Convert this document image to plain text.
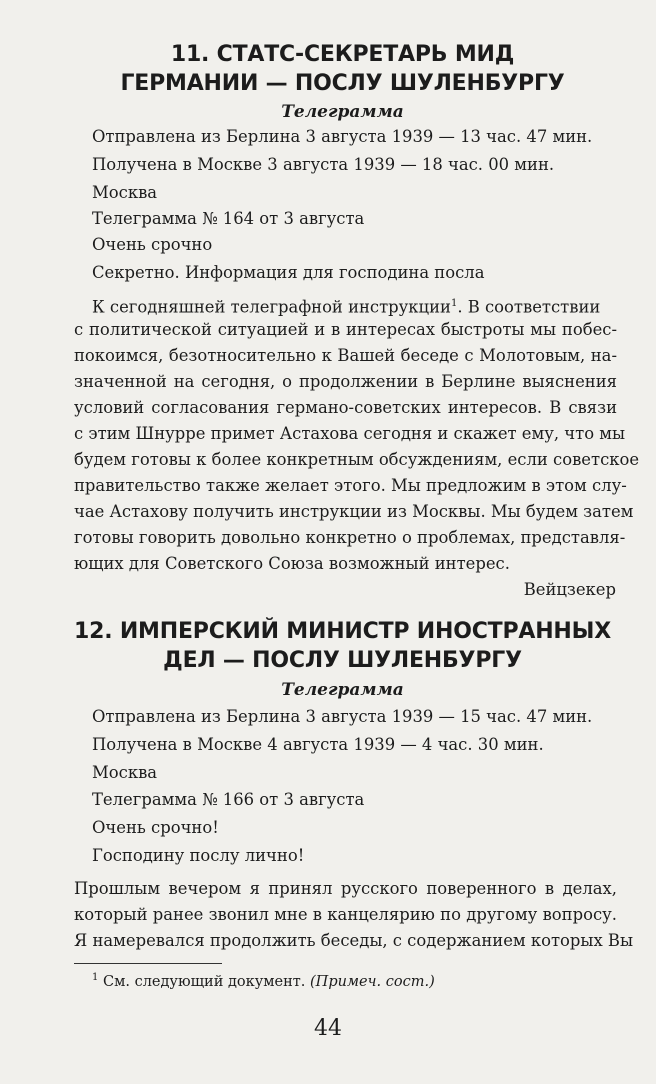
11. СТАТС-СЕКРЕТАРЬ МИД
ГЕРМАНИИ — ПОСЛУ ШУЛЕНБУРГУ

Телеграмма

Отправлена из Берлина 3 августа 1939 — 13 час. 47 мин.

Получена в Москве 3 августа 1939 — 18 час. 00 мин.

Москва

Телеграмма № 164 от 3 августа

Очень срочно

Секретно. Информация для господина посла

К сегодняшней телеграфной инструкции$^1$. В соответствии

с политической ситуацией и в интересах быстроты мы побес-

покоимся, безотносительно к Вашей беседе с Молотовым, на-

значенной на сегодня, о продолжении в Берлине выяснения

условий согласования германо-советских интересов. В связи

с этим Шнурре примет Астахова сегодня и скажет ему, что мы

будем готовы к более конкретным обсуждениям, если советское

правительство также желает этого. Мы предложим в этом слу-

чае Астахову получить инструкции из Москвы. Мы будем затем

готовы говорить довольно конкретно о проблемах, представля-

ющих для Советского Союза возможный интерес.

Вейцзекер

12. ИМПЕРСКИЙ МИНИСТР ИНОСТРАННЫХ
ДЕЛ — ПОСЛУ ШУЛЕНБУРГУ

Телеграмма

Отправлена из Берлина 3 августа 1939 — 15 час. 47 мин.

Получена в Москве 4 августа 1939 — 4 час. 30 мин.

Москва

Телеграмма № 166 от 3 августа

Очень срочно!

Господину послу лично!

Прошлым вечером я принял русского поверенного в делах,

который ранее звонил мне в канцелярию по другому вопросу.

Я намеревался продолжить беседы, с содержанием которых Вы

$^1$ См. следующий документ. (Примеч. сост.)

44
